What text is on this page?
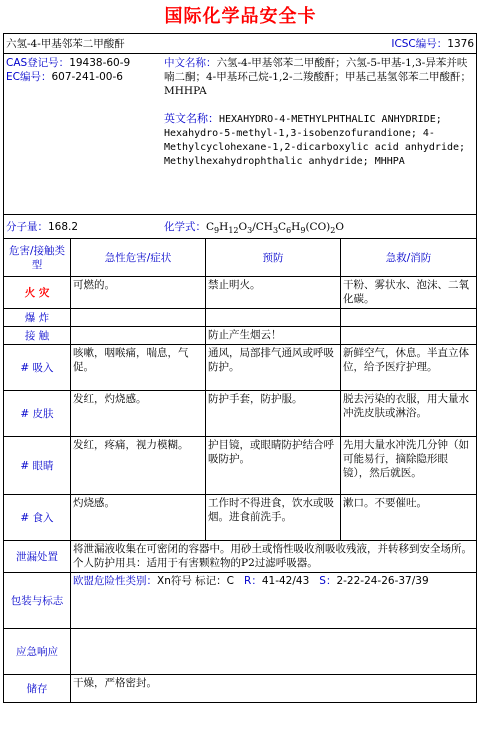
国际化学品安全卡
六氢-4-甲基邻苯二甲酸酐 ICSC编号：1376			

CAS登记号：19438-60-9
EC编号：607-241-00-6
中文名称：六氢-4-甲基邻苯二甲酸酐；六氢-5-甲基-1,3-异苯并呋喃二酮；4-甲基环己烷-1,2-二羧酸酐；甲基己基氢邻苯二甲酸酐；MHHPA
英文名称：HEXAHYDRO-4-METHYLPHTHALIC ANHYDRIDE; Hexahydro-5-methyl-1,3-isobenzofurandione; 4-Methylcyclohexane-1,2-dicarboxylic acid anhydride; Methylhexahydrophthalic anhydride; MHHPA			

分子量：168.2 化学式：$C_9H_{12}O_3/CH_3C_6H_9(CO)_2O$			

危害/接触类型	急性危害/症状	预防	急救/消防
火 灾	可燃的。	禁止明火。	干粉、雾状水、泡沫、二氧化碳。
爆 炸			
接 触		防止产生烟云！	
# 吸入	咳嗽，咽喉痛，喘息，气促。	通风，局部排气通风或呼吸防护。	新鲜空气，休息。半直立体位，给予医疗护理。
# 皮肤	发红，灼烧感。	防护手套，防护服。	脱去污染的衣服，用大量水冲洗皮肤或淋浴。
# 眼睛	发红，疼痛，视力模糊。	护目镜，或眼睛防护结合呼吸防护。	先用大量水冲洗几分钟（如可能易行，摘除隐形眼镜），然后就医。
# 食入	灼烧感。	工作时不得进食，饮水或吸烟。进食前洗手。	漱口。不要催吐。
泄漏处置	将泄漏液收集在可密闭的容器中。用砂土或惰性吸收剂吸收残液，并转移到安全场所。个人防护用具：适用于有害颗粒物的P2过滤呼吸器。		
包装与标志	欧盟危险性类别：Xn符号 标记：C R：41-42/43 S：2-22-24-26-37/39		
应急响应			
储存	干燥，严格密封。		
